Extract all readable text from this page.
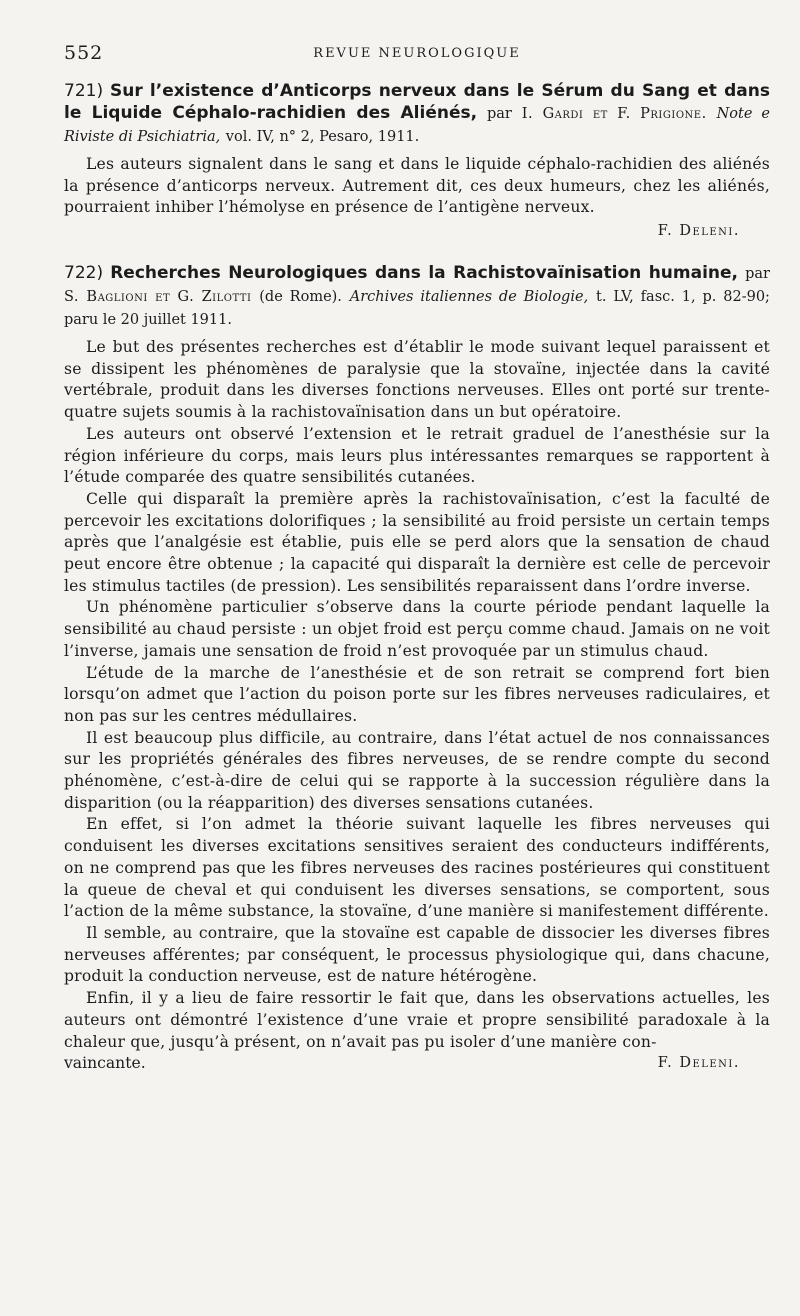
552	REVUE NEUROLOGIQUE

721) Sur l’existence d’Anticorps nerveux dans le Sérum du Sang et dans le Liquide Céphalo-rachidien des Aliénés, par I. Gardi et F. Prigione. Note e Riviste di Psichiatria, vol. IV, n° 2, Pesaro, 1911.

Les auteurs signalent dans le sang et dans le liquide céphalo-rachidien des aliénés la présence d’anticorps nerveux. Autrement dit, ces deux humeurs, chez les aliénés, pourraient inhiber l’hémolyse en présence de l’antigène nerveux.

F. Deleni.

722) Recherches Neurologiques dans la Rachistovaïnisation humaine, par S. Baglioni et G. Zilotti (de Rome). Archives italiennes de Biologie, t. LV, fasc. 1, p. 82-90; paru le 20 juillet 1911.

Le but des présentes recherches est d’établir le mode suivant lequel paraissent et se dissipent les phénomènes de paralysie que la stovaïne, injectée dans la cavité vertébrale, produit dans les diverses fonctions nerveuses. Elles ont porté sur trente-quatre sujets soumis à la rachistovaïnisation dans un but opératoire.

Les auteurs ont observé l’extension et le retrait graduel de l’anesthésie sur la région inférieure du corps, mais leurs plus intéressantes remarques se rapportent à l’étude comparée des quatre sensibilités cutanées.

Celle qui disparaît la première après la rachistovaïnisation, c’est la faculté de percevoir les excitations dolorifiques ; la sensibilité au froid persiste un certain temps après que l’analgésie est établie, puis elle se perd alors que la sensation de chaud peut encore être obtenue ; la capacité qui disparaît la dernière est celle de percevoir les stimulus tactiles (de pression). Les sensibilités reparaissent dans l’ordre inverse.

Un phénomène particulier s’observe dans la courte période pendant laquelle la sensibilité au chaud persiste : un objet froid est perçu comme chaud. Jamais on ne voit l’inverse, jamais une sensation de froid n’est provoquée par un stimulus chaud.

L’étude de la marche de l’anesthésie et de son retrait se comprend fort bien lorsqu’on admet que l’action du poison porte sur les fibres nerveuses radiculaires, et non pas sur les centres médullaires.

Il est beaucoup plus difficile, au contraire, dans l’état actuel de nos connaissances sur les propriétés générales des fibres nerveuses, de se rendre compte du second phénomène, c’est-à-dire de celui qui se rapporte à la succession régulière dans la disparition (ou la réapparition) des diverses sensations cutanées.

En effet, si l’on admet la théorie suivant laquelle les fibres nerveuses qui conduisent les diverses excitations sensitives seraient des conducteurs indifférents, on ne comprend pas que les fibres nerveuses des racines postérieures qui constituent la queue de cheval et qui conduisent les diverses sensations, se comportent, sous l’action de la même substance, la stovaïne, d’une manière si manifestement différente.

Il semble, au contraire, que la stovaïne est capable de dissocier les diverses fibres nerveuses afférentes; par conséquent, le processus physiologique qui, dans chacune, produit la conduction nerveuse, est de nature hétérogène.

Enfin, il y a lieu de faire ressortir le fait que, dans les observations actuelles, les auteurs ont démontré l’existence d’une vraie et propre sensibilité paradoxale à la chaleur que, jusqu’à présent, on n’avait pas pu isoler d’une manière con-

vaincante.	F. Deleni.
